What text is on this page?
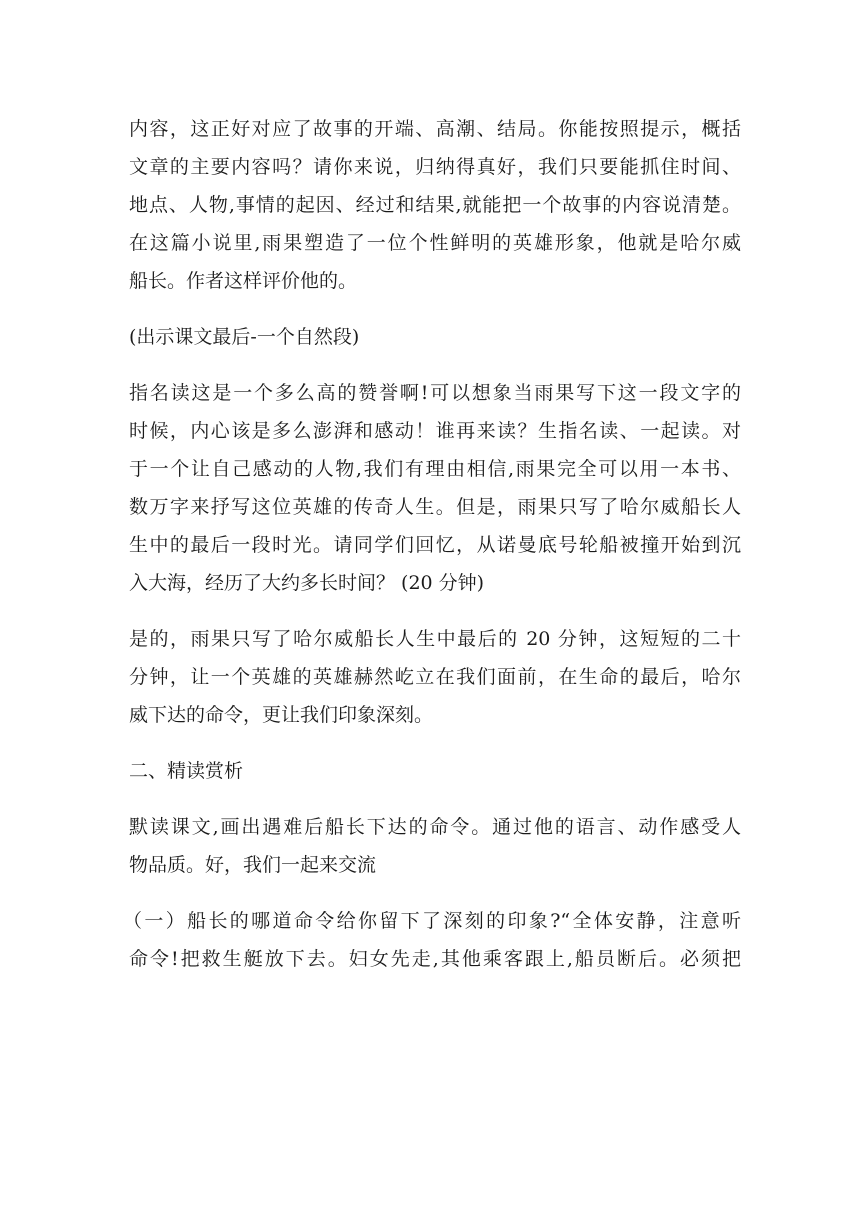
内容，这正好对应了故事的开端、高潮、结局。你能按照提示，概括
文章的主要内容吗？请你来说，归纳得真好，我们只要能抓住时间、
地点、人物,事情的起因、经过和结果,就能把一个故事的内容说清楚。
在这篇小说里,雨果塑造了一位个性鲜明的英雄形象，他就是哈尔威
船长。作者这样评价他的。

(出示课文最后-一个自然段)

指名读这是一个多么高的赞誉啊!可以想象当雨果写下这一段文字的
时候，内心该是多么澎湃和感动！谁再来读？生指名读、一起读。对
于一个让自己感动的人物,我们有理由相信,雨果完全可以用一本书、
数万字来抒写这位英雄的传奇人生。但是，雨果只写了哈尔威船长人
生中的最后一段时光。请同学们回忆，从诺曼底号轮船被撞开始到沉
入大海，经历了大约多长时间？ (20 分钟)

是的，雨果只写了哈尔威船长人生中最后的 20 分钟，这短短的二十
分钟，让一个英雄的英雄赫然屹立在我们面前，在生命的最后，哈尔
威下达的命令，更让我们印象深刻。

二、精读赏析

默读课文,画出遇难后船长下达的命令。通过他的语言、动作感受人
物品质。好，我们一起来交流

（一）船长的哪道命令给你留下了深刻的印象?“全体安静，注意听
命令!把救生艇放下去。妇女先走,其他乘客跟上,船员断后。必须把
